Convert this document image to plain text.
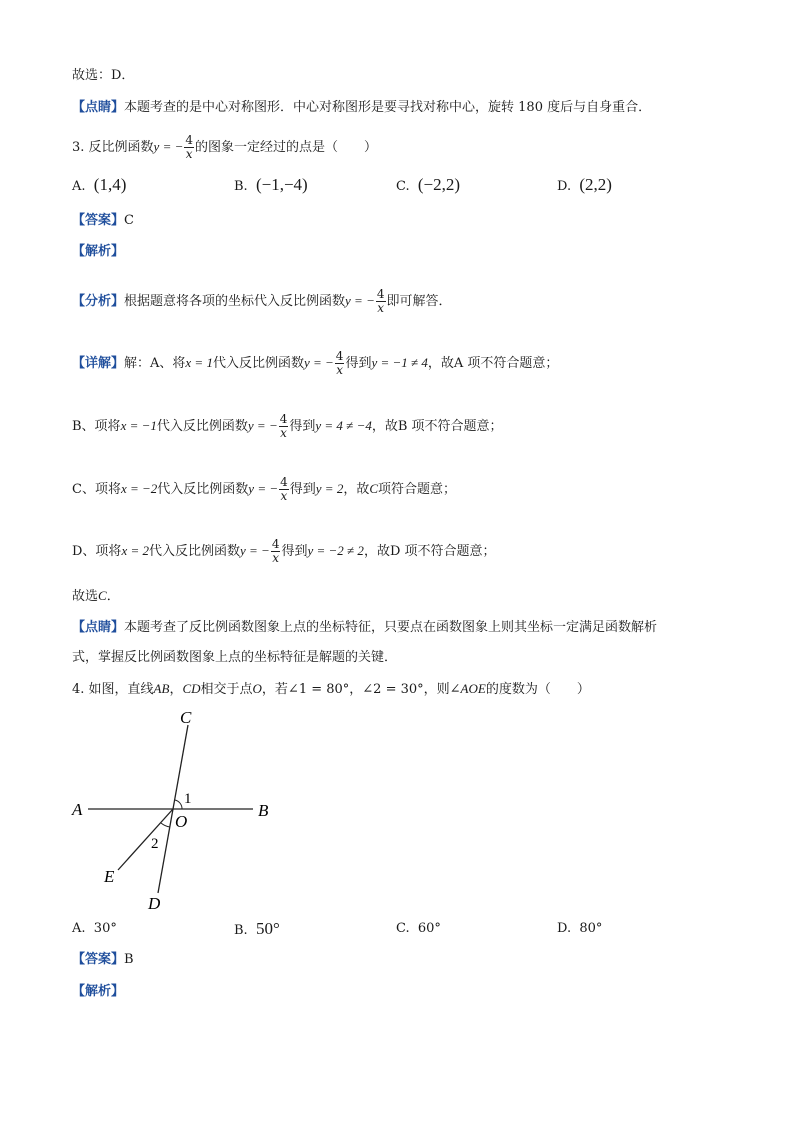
故选：D．
【点睛】本题考查的是中心对称图形．中心对称图形是要寻找对称中心，旋转 180 度后与自身重合．
3. 反比例函数y = − $\frac{4}{x}$ 的图象一定经过的点是（　　）
A. (1,4)	B. (−1,−4)	C. (−2,2)	D. (2,2)
【答案】C
【解析】
【分析】根据题意将各项的坐标代入反比例函数y = − $\frac{4}{x}$ 即可解答．
【详解】解：A、将x = 1代入反比例函数y = − $\frac{4}{x}$ 得到y = −1 ≠ 4，故A 项不符合题意；
B、项将x = −1代入反比例函数y = − $\frac{4}{x}$ 得到y = 4 ≠ −4，故B 项不符合题意；
C、项将x = −2代入反比例函数y = − $\frac{4}{x}$ 得到y = 2，故C项符合题意；
D、项将x = 2代入反比例函数y = − $\frac{4}{x}$ 得到y = −2 ≠ 2，故D 项不符合题意；
故选C．
【点睛】本题考查了反比例函数图象上点的坐标特征，只要点在函数图象上则其坐标一定满足函数解析
式，掌握反比例函数图象上点的坐标特征是解题的关键．
4. 如图，直线AB，CD相交于点O，若∠1 = 80°，∠2 = 30°，则∠AOE的度数为（　　）
C
A	B
O
1
2
E
D
A. 30°	B. 50°	C. 60°	D. 80°
【答案】B
【解析】
